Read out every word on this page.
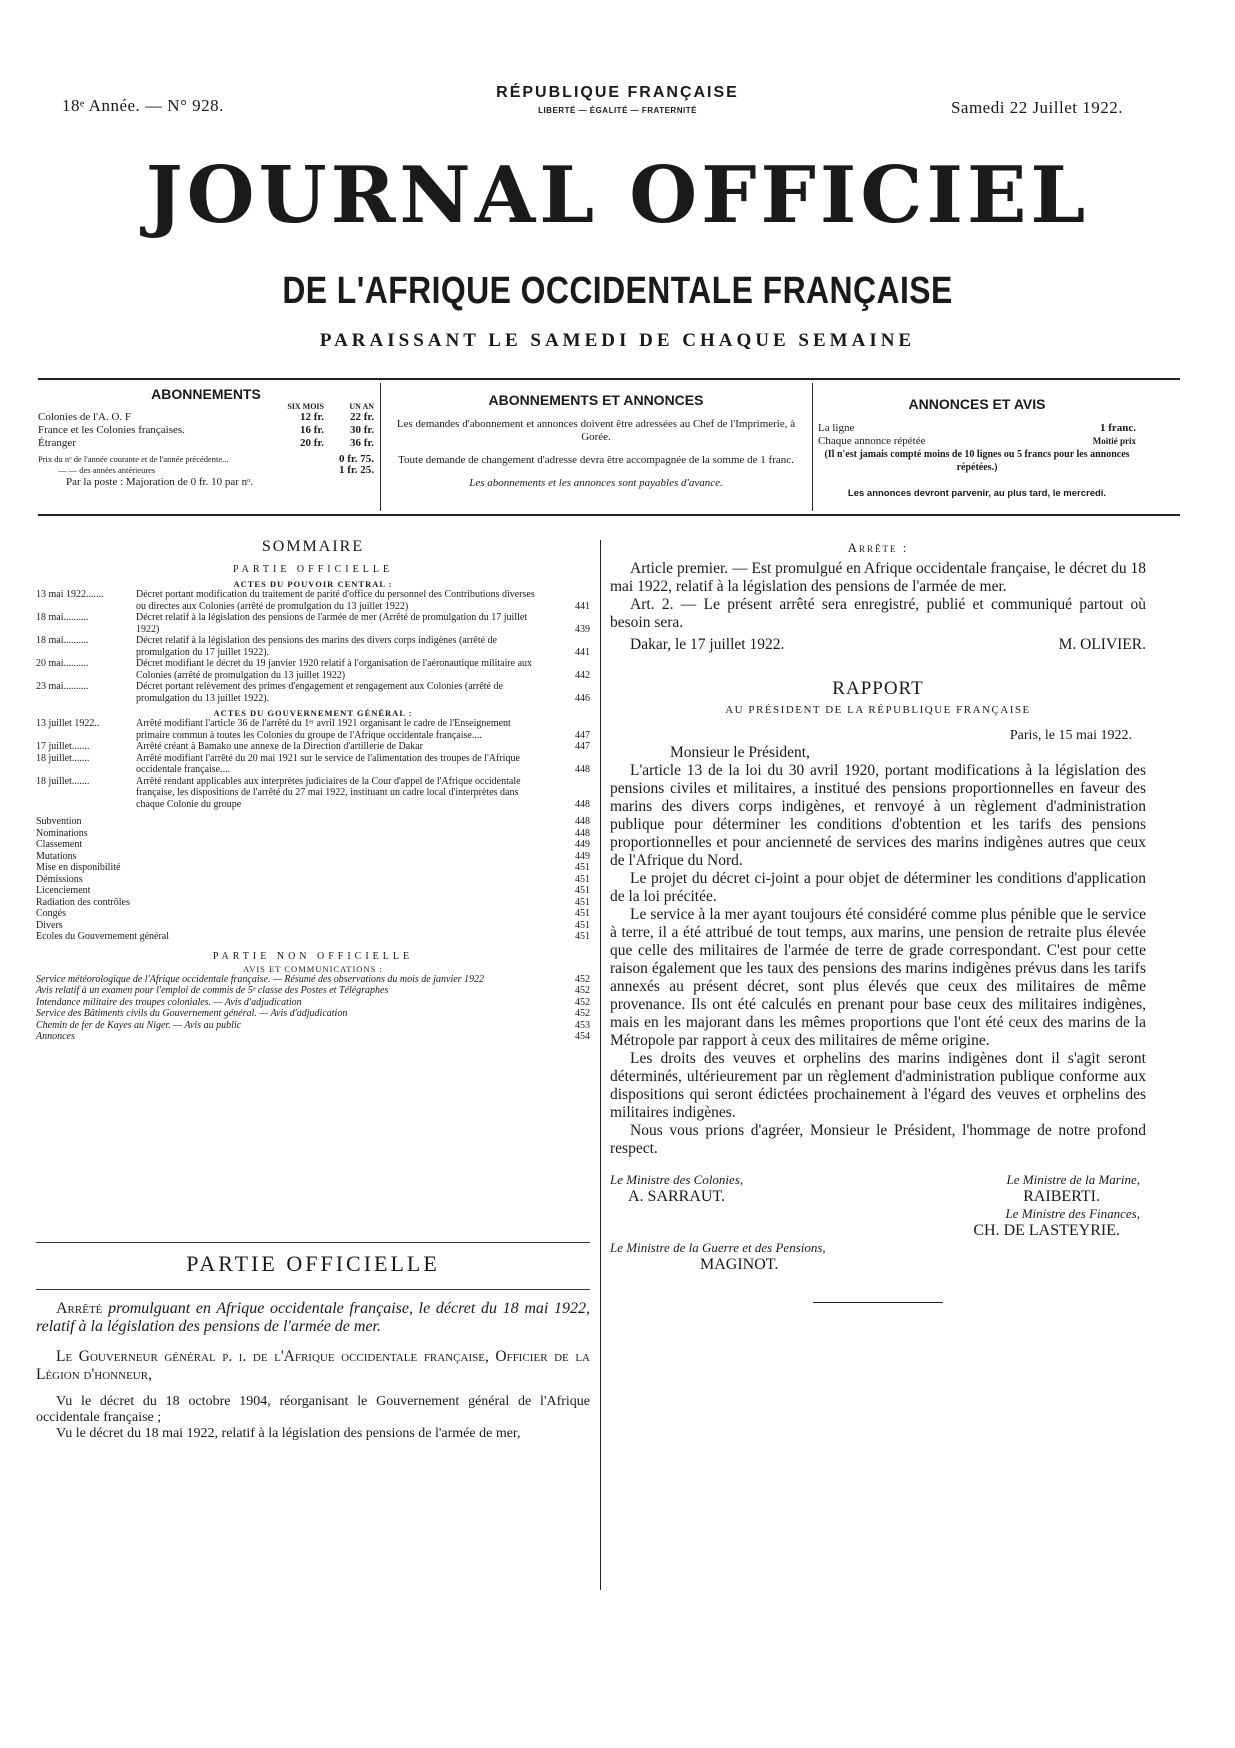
18ᵉ Année. — N° 928.
RÉPUBLIQUE FRANÇAISE
LIBERTÉ — ÉGALITÉ — FRATERNITÉ	Samedi 22 Juillet 1922.
JOURNAL OFFICIEL
DE L'AFRIQUE OCCIDENTALE FRANÇAISE
PARAISSANT LE SAMEDI DE CHAQUE SEMAINE
ABONNEMENTS
SIX MOIS	UN AN
Colonies de l'A. O. F	12 fr.	22 fr.
France et les Colonies françaises.	16 fr.	30 fr.
Étranger	20 fr.	36 fr.
Prix du nᵒ de l'année courante et de l'année précédente...	0 fr. 75.
— — des années antérieures	1 fr. 25.
Par la poste : Majoration de 0 fr. 10 par nᵒ.
ABONNEMENTS ET ANNONCES
Les demandes d'abonnement et annonces doivent être adressées au Chef de l'Imprimerie, à Gorée.
Toute demande de changement d'adresse devra être accompagnée de la somme de 1 franc.
Les abonnements et les annonces sont payables d'avance.
ANNONCES ET AVIS
La ligne	1 franc.
Chaque annonce répétée	Moitié prix
(Il n'est jamais compté moins de 10 lignes ou 5 francs pour les annonces répétées.)
Les annonces devront parvenir, au plus tard, le mercredi.
SOMMAIRE
PARTIE OFFICIELLE
ACTES DU POUVOIR CENTRAL :
13 mai 1922.......	Décret portant modification du traitement de parité d'office du personnel des Contributions diverses ou directes aux Colonies (arrêté de promulgation du 13 juillet 1922)	441
18 mai..........	Décret relatif à la législation des pensions de l'armée de mer (Arrêté de promulgation du 17 juillet 1922)	439
18 mai..........	Décret relatif à la législation des pensions des marins des divers corps indigènes (arrêté de promulgation du 17 juillet 1922).	441
20 mai..........	Décret modifiant le décret du 19 janvier 1920 relatif à l'organisation de l'aéronautique militaire aux Colonies (arrêté de promulgation du 13 juillet 1922)	442
23 mai..........	Décret portant relèvement des primes d'engagement et rengagement aux Colonies (arrêté de promulgation du 13 juillet 1922).	446
ACTES DU GOUVERNEMENT GÉNÉRAL :
13 juillet 1922..	Arrêté modifiant l'article 36 de l'arrêté du 1ᵉʳ avril 1921 organisant le cadre de l'Enseignement primaire commun à toutes les Colonies du groupe de l'Afrique occidentale française....	447
17 juillet.......	Arrêté créant à Bamako une annexe de la Direction d'artillerie de Dakar	447
18 juillet.......	Arrêté modifiant l'arrêté du 20 mai 1921 sur le service de l'alimentation des troupes de l'Afrique occidentale française....	448
18 juillet.......	Arrêté rendant applicables aux interprètes judiciaires de la Cour d'appel de l'Afrique occidentale française, les dispositions de l'arrêté du 27 mai 1922, instituant un cadre local d'interprètes dans chaque Colonie du groupe	448
Subvention	448
Nominations	448
Classement	449
Mutations	449
Mise en disponibilité	451
Démissions	451
Licenciement	451
Radiation des contrôles	451
Congés	451
Divers	451
Ecoles du Gouvernement général	451
PARTIE NON OFFICIELLE
AVIS ET COMMUNICATIONS :
Service météorologique de l'Afrique occidentale française. — Résumé des observations du mois de janvier 1922	452
Avis relatif à un examen pour l'emploi de commis de 5ᵉ classe des Postes et Télégraphes	452
Intendance militaire des troupes coloniales. — Avis d'adjudication	452
Service des Bâtiments civils du Gouvernement général. — Avis d'adjudication	452
Chemin de fer de Kayes au Niger. — Avis au public	453
Annonces	454
PARTIE OFFICIELLE
Arrêté promulguant en Afrique occidentale française, le décret du 18 mai 1922, relatif à la législation des pensions de l'armée de mer.
Le Gouverneur général p. i. de l'Afrique occidentale française, Officier de la Légion d'honneur,
Vu le décret du 18 octobre 1904, réorganisant le Gouvernement général de l'Afrique occidentale française ;
Vu le décret du 18 mai 1922, relatif à la législation des pensions de l'armée de mer,
Arrête :
Article premier. — Est promulgué en Afrique occidentale française, le décret du 18 mai 1922, relatif à la législation des pensions de l'armée de mer.
Art. 2. — Le présent arrêté sera enregistré, publié et communiqué partout où besoin sera.
Dakar, le 17 juillet 1922.	M. OLIVIER.
RAPPORT
AU PRÉSIDENT DE LA RÉPUBLIQUE FRANÇAISE
Paris, le 15 mai 1922.
Monsieur le Président,
L'article 13 de la loi du 30 avril 1920, portant modifications à la législation des pensions civiles et militaires, a institué des pensions proportionnelles en faveur des marins des divers corps indigènes, et renvoyé à un règlement d'administration publique pour déterminer les conditions d'obtention et les tarifs des pensions proportionnelles et pour ancienneté de services des marins indigènes autres que ceux de l'Afrique du Nord.
Le projet du décret ci-joint a pour objet de déterminer les conditions d'application de la loi précitée.
Le service à la mer ayant toujours été considéré comme plus pénible que le service à terre, il a été attribué de tout temps, aux marins, une pension de retraite plus élevée que celle des militaires de l'armée de terre de grade correspondant. C'est pour cette raison également que les taux des pensions des marins indigènes prévus dans les tarifs annexés au présent décret, sont plus élevés que ceux des militaires de même provenance. Ils ont été calculés en prenant pour base ceux des militaires indigènes, mais en les majorant dans les mêmes proportions que l'ont été ceux des marins de la Métropole par rapport à ceux des militaires de même origine.
Les droits des veuves et orphelins des marins indigènes dont il s'agit seront déterminés, ultérieurement par un règlement d'administration publique conforme aux dispositions qui seront édictées prochainement à l'égard des veuves et orphelins des militaires indigènes.
Nous vous prions d'agréer, Monsieur le Président, l'hommage de notre profond respect.
Le Ministre des Colonies,
A. SARRAUT.
Le Ministre de la Marine,
RAIBERTI.
Le Ministre des Finances,
CH. DE LASTEYRIE.
Le Ministre de la Guerre et des Pensions,
MAGINOT.
